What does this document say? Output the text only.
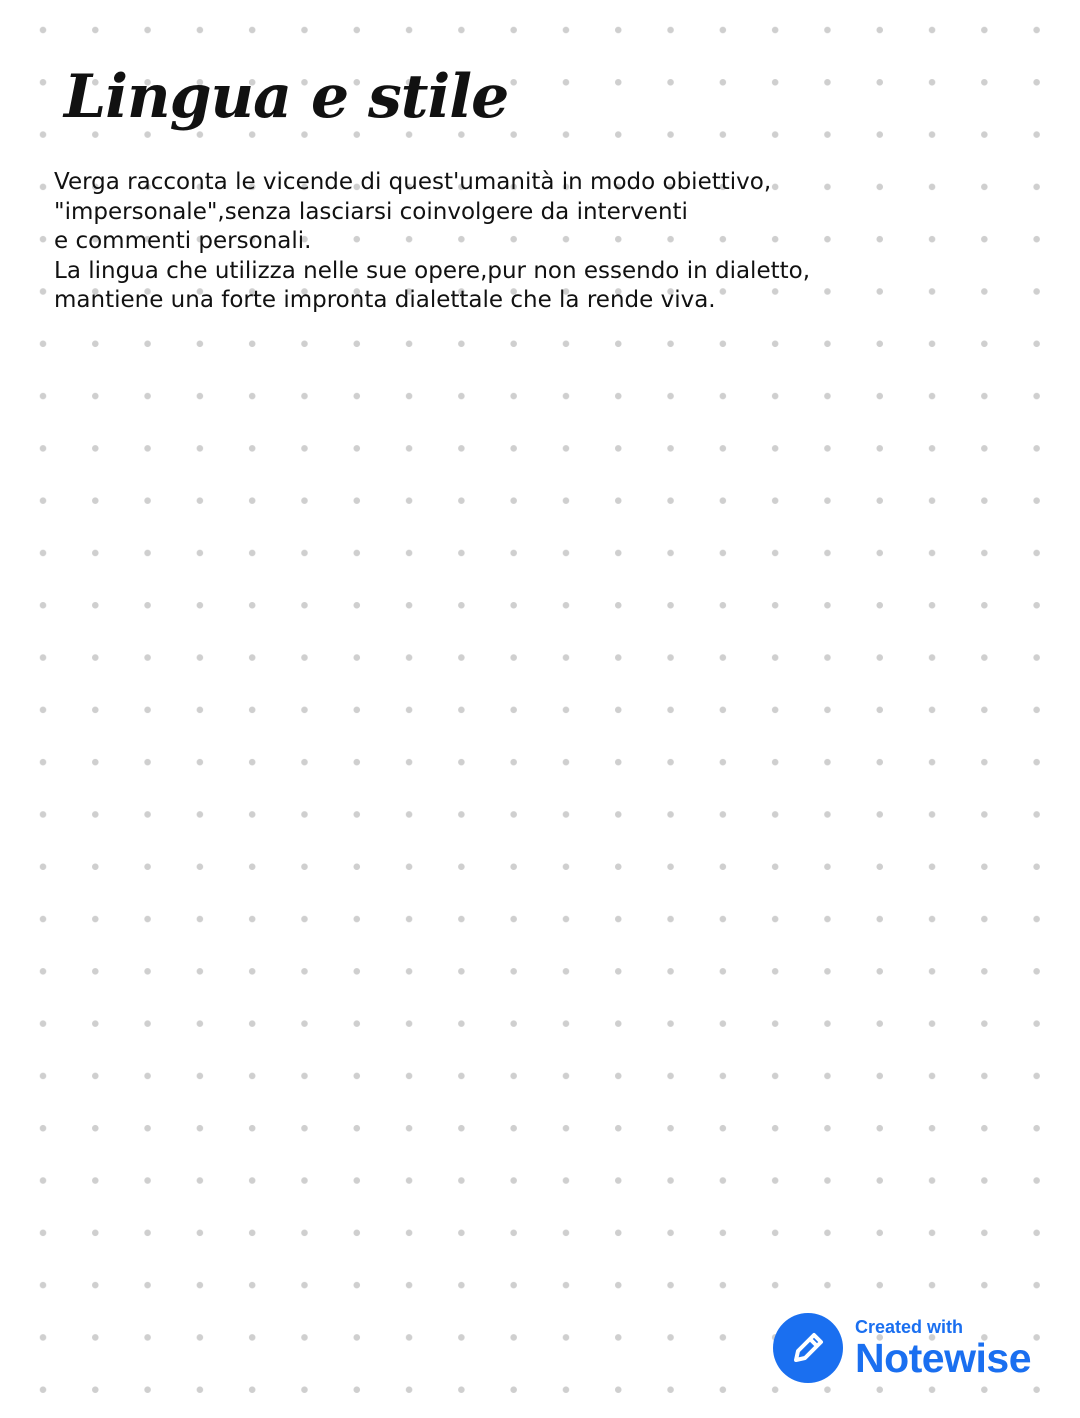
Lingua e stile
Verga racconta le vicende di quest'umanità in modo obiettivo,
"impersonale",senza lasciarsi coinvolgere da interventi
e commenti personali.
La lingua che utilizza nelle sue opere,pur non essendo in dialetto,
mantiene una forte impronta dialettale che la rende viva.
Created with
Notewise
